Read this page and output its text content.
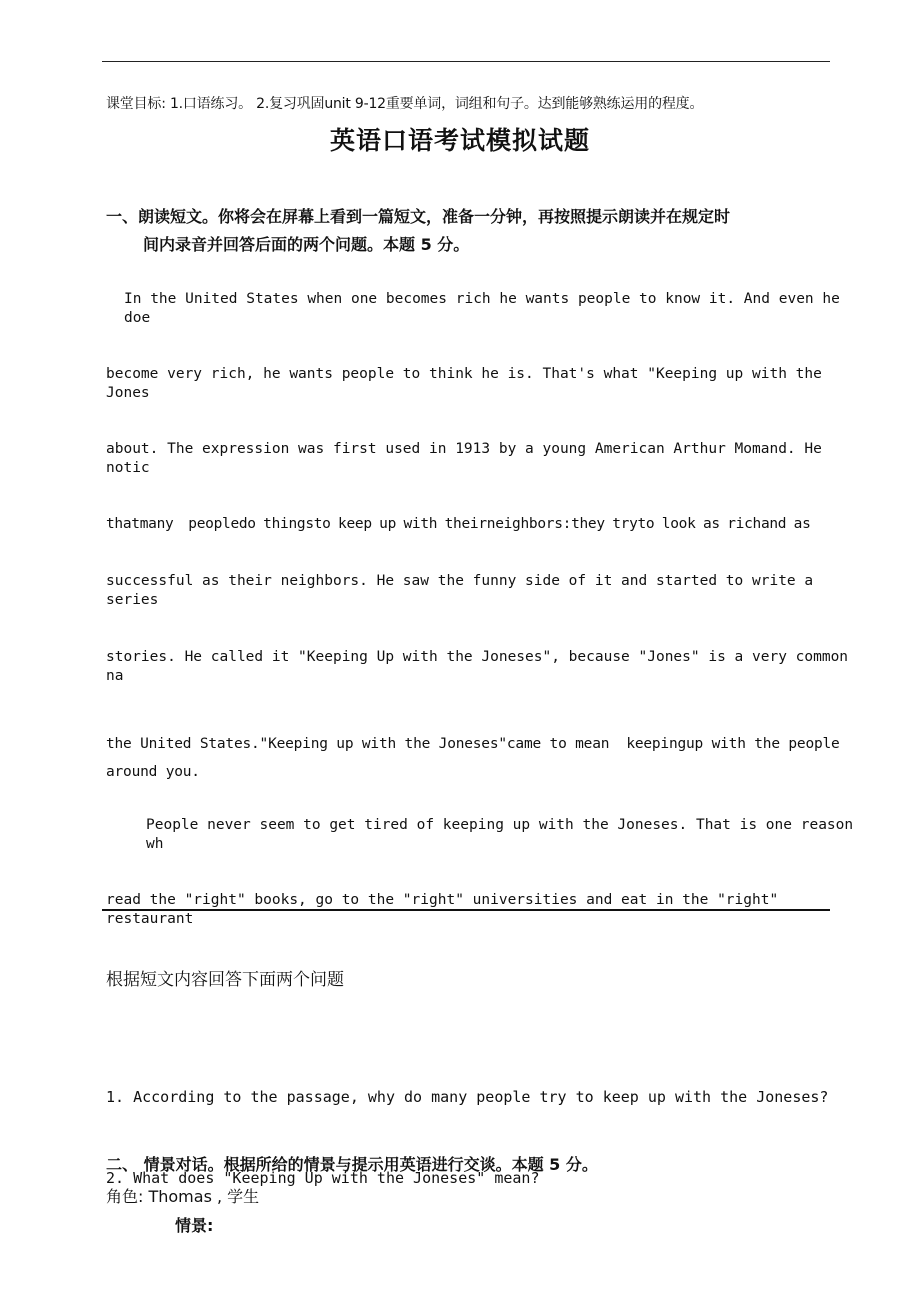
课堂目标: 1.口语练习。 2.复习巩固unit 9-12重要单词，词组和句子。达到能够熟练运用的程度。
英语口语考试模拟试题
一、朗读短文。你将会在屏幕上看到一篇短文，准备一分钟，再按照提示朗读并在规定时
间内录音并回答后面的两个问题。本题 5 分。
In the United States when one becomes rich he wants people to know it. And even he
doe
become very rich, he wants people to think he is. That's what "Keeping up with the
Jones
about. The expression was first used in 1913 by a young American Arthur Momand. He
notic
thatmany  peopledo thingsto keep up with theirneighbors:they tryto look as richand as
successful as their neighbors. He saw the funny side of it and started to write a
series
stories. He called it "Keeping Up with the Joneses", because "Jones" is a very common
na
the United States."Keeping up with the Joneses"came to mean  keepingup with the people
around you.
People never seem to get tired of keeping up with the Joneses. That is one reason
wh
read the "right" books, go to the "right" universities and eat in the "right"
restaurant
根据短文内容回答下面两个问题

1. According to the passage, why do many people try to keep up with the Joneses?

2. What does "Keeping Up with the Joneses" mean?

二、 情景对话。根据所给的情景与提示用英语进行交谈。本题 5 分。
角色: Thomas , 学生
情景:
